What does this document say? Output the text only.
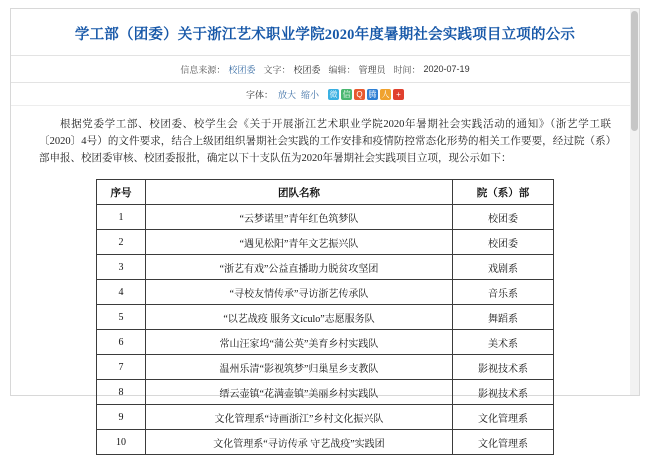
学工部（团委）关于浙江艺术职业学院2020年度暑期社会实践项目立项的公示
信息来源： 校团委 文字： 校团委 编辑： 管理员 时间： 2020-07-19
字体： 放大 缩小 微 信 Q 腾 人 +
根据党委学工部、校团委、校学生会《关于开展浙江艺术职业学院2020年暑期社会实践活动的通知》（浙艺学工联〔2020〕4号）的文件要求，结合上级团组织暑期社会实践的工作安排和疫情防控常态化形势的相关工作要要，经过院（系）部申报、校团委审核、校团委报批，确定以下十支队伍为2020年暑期社会实践项目立项，现公示如下：
序号	团队名称	院（系）部
1	“云梦诺里”青年红色筑梦队	校团委
2	“遇见松阳”青年文艺振兴队	校团委
3	“浙艺有戏”公益直播助力脱贫攻坚团	戏剧系
4	“寻校友情传承”寻访浙艺传承队	音乐系
5	“以艺战疫 服务文ículo”志愿服务队	舞蹈系
6	常山汪家坞“蒲公英”美育乡村实践队	美术系
7	温州乐清“影视筑梦”归巢星乡支教队	影视技术系
8	缙云壶镇“花满壶镇”美丽乡村实践队	影视技术系
9	文化管理系“诗画浙江”乡村文化振兴队	文化管理系
10	文化管理系“寻访传承 守艺战疫”实践团	文化管理系
